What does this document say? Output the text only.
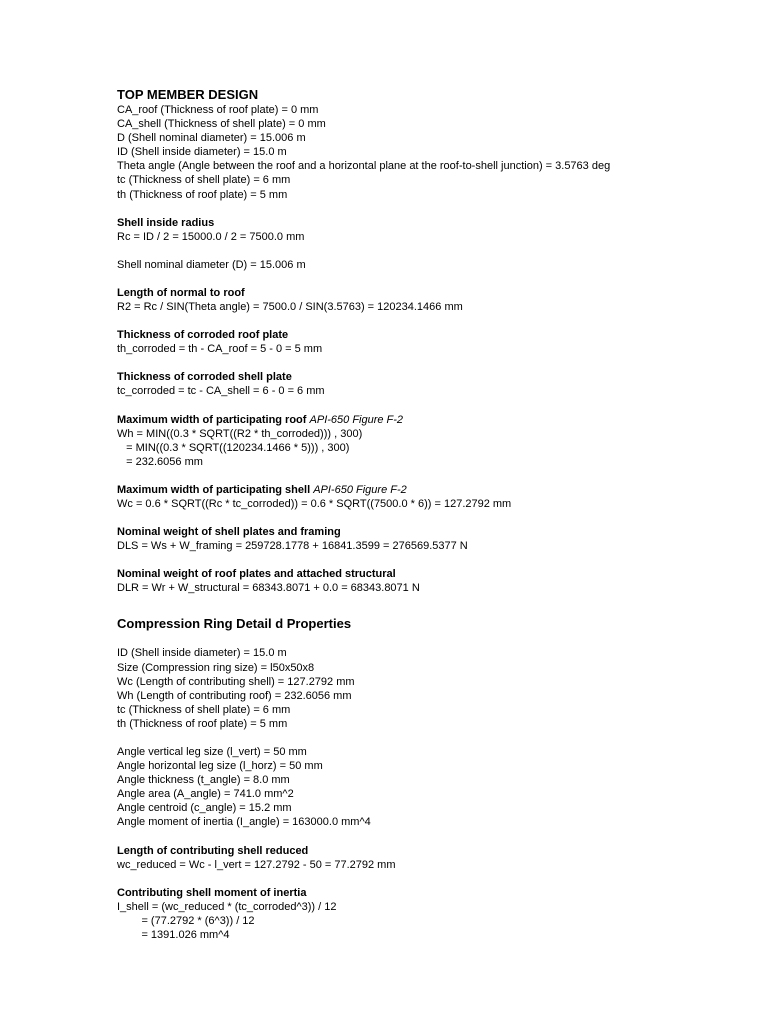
TOP MEMBER DESIGN

CA_roof (Thickness of roof plate) = 0 mm

CA_shell (Thickness of shell plate) = 0 mm

D (Shell nominal diameter) = 15.006 m

ID (Shell inside diameter) = 15.0 m

Theta angle (Angle between the roof and a horizontal plane at the roof-to-shell junction) = 3.5763 deg

tc (Thickness of shell plate) = 6 mm

th (Thickness of roof plate) = 5 mm

Shell inside radius

Rc = ID / 2 = 15000.0 / 2 = 7500.0 mm

Shell nominal diameter (D) = 15.006 m

Length of normal to roof

R2 = Rc / SIN(Theta angle) = 7500.0 / SIN(3.5763) = 120234.1466 mm

Thickness of corroded roof plate

th_corroded = th - CA_roof = 5 - 0 = 5 mm

Thickness of corroded shell plate

tc_corroded = tc - CA_shell = 6 - 0 = 6 mm

Maximum width of participating roof API-650 Figure F-2

Wh = MIN((0.3 * SQRT((R2 * th_corroded))) , 300)

= MIN((0.3 * SQRT((120234.1466 * 5))) , 300)

= 232.6056 mm

Maximum width of participating shell API-650 Figure F-2

Wc = 0.6 * SQRT((Rc * tc_corroded)) = 0.6 * SQRT((7500.0 * 6)) = 127.2792 mm

Nominal weight of shell plates and framing

DLS = Ws + W_framing = 259728.1778 + 16841.3599 = 276569.5377 N

Nominal weight of roof plates and attached structural

DLR = Wr + W_structural = 68343.8071 + 0.0 = 68343.8071 N

Compression Ring Detail d Properties

ID (Shell inside diameter) = 15.0 m

Size (Compression ring size) = l50x50x8

Wc (Length of contributing shell) = 127.2792 mm

Wh (Length of contributing roof) = 232.6056 mm

tc (Thickness of shell plate) = 6 mm

th (Thickness of roof plate) = 5 mm

Angle vertical leg size (l_vert) = 50 mm

Angle horizontal leg size (l_horz) = 50 mm

Angle thickness (t_angle) = 8.0 mm

Angle area (A_angle) = 741.0 mm^2

Angle centroid (c_angle) = 15.2 mm

Angle moment of inertia (I_angle) = 163000.0 mm^4

Length of contributing shell reduced

wc_reduced = Wc - l_vert = 127.2792 - 50 = 77.2792 mm

Contributing shell moment of inertia

I_shell = (wc_reduced * (tc_corroded^3)) / 12

= (77.2792 * (6^3)) / 12

= 1391.026 mm^4
